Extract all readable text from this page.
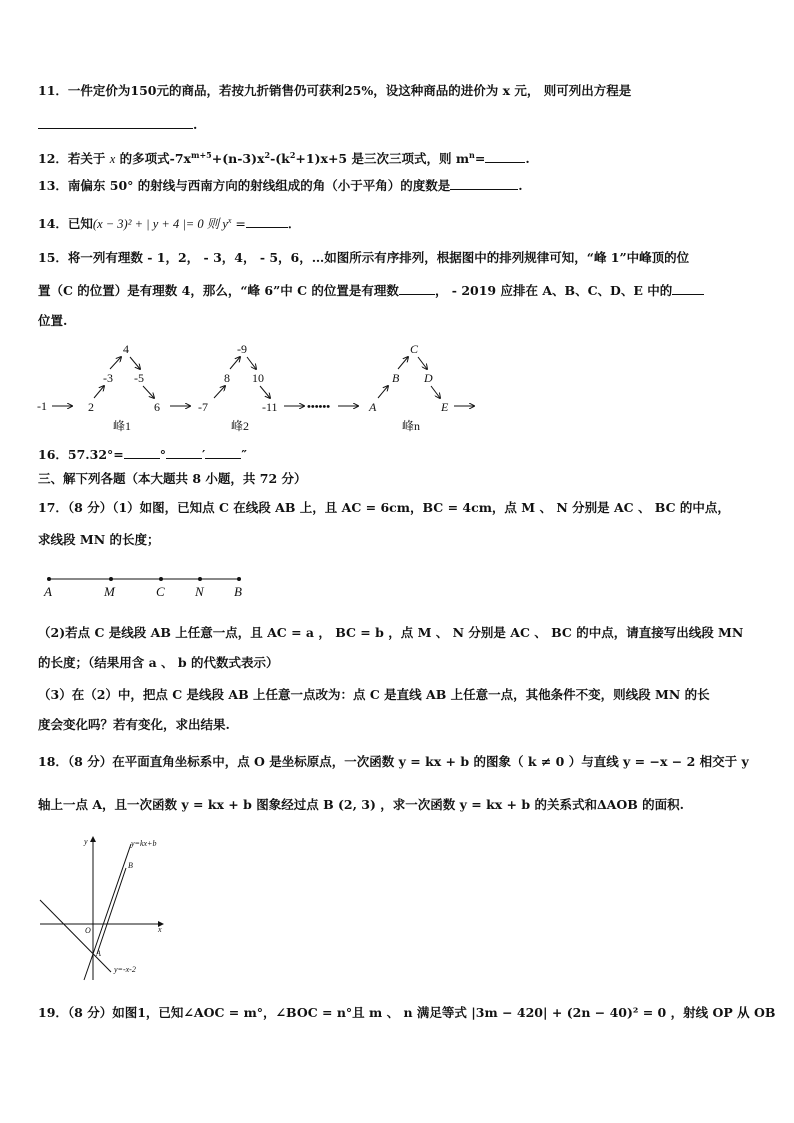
11．一件定价为150元的商品，若按九折销售仍可获利25%，设这种商品的进价为 x 元， 则可列出方程是
.
12．若关于 x 的多项式$-7x^{m+5}+(n-3)x^2-(k^2+1)x+5$ 是三次三项式，则 $m^n=$	.
13．南偏东 50° 的射线与西南方向的射线组成的角（小于平角）的度数是	.
14．已知(x − 3)² + | y + 4 |= 0 则 $y^x$ =	．
15．将一列有理数 - 1，2， - 3，4， - 5，6，…如图所示有序排列，根据图中的排列规律可知，“峰 1”中峰顶的位
置（C 的位置）是有理数 4，那么，“峰 6”中 C 的位置是有理数	， - 2019 应排在 A、B、C、D、E 中的
位置.
-1
4
-3 -5
2	6
峰1
-9
8 10
-7	-11
峰2
••••••
C
B D
A	E
峰n
16．57.32°=	°	′	″
三、解下列各题（本大题共 8 小题，共 72 分）
17．（8 分）（1）如图，已知点 C 在线段 AB 上，且 AC = 6cm，BC = 4cm，点 M 、 N 分别是 AC 、 BC 的中点，
求线段 MN 的长度；
A	M	C N B
（2)若点 C 是线段 AB 上任意一点，且 AC = a ， BC = b ，点 M 、 N 分别是 AC 、 BC 的中点，请直接写出线段 MN
的长度；（结果用含 a 、 b 的代数式表示）
（3）在（2）中，把点 C 是线段 AB 上任意一点改为：点 C 是直线 AB 上任意一点，其他条件不变，则线段 MN 的长
度会变化吗？若有变化，求出结果.
18．（8 分）在平面直角坐标系中，点 O 是坐标原点，一次函数 y = kx + b 的图象（ k ≠ 0 ）与直线 y = −x − 2 相交于 y
轴上一点 A，且一次函数 y = kx + b 图象经过点 B (2, 3) ，求一次函数 y = kx + b 的关系式和ΔAOB 的面积.
y
x
O
A
B
y=kx+b
y=-x-2
19．（8 分）如图1，已知∠AOC = m°，∠BOC = n°且 m 、 n 满足等式 |3m − 420| + (2n − 40)² = 0 ，射线 OP 从 OB
